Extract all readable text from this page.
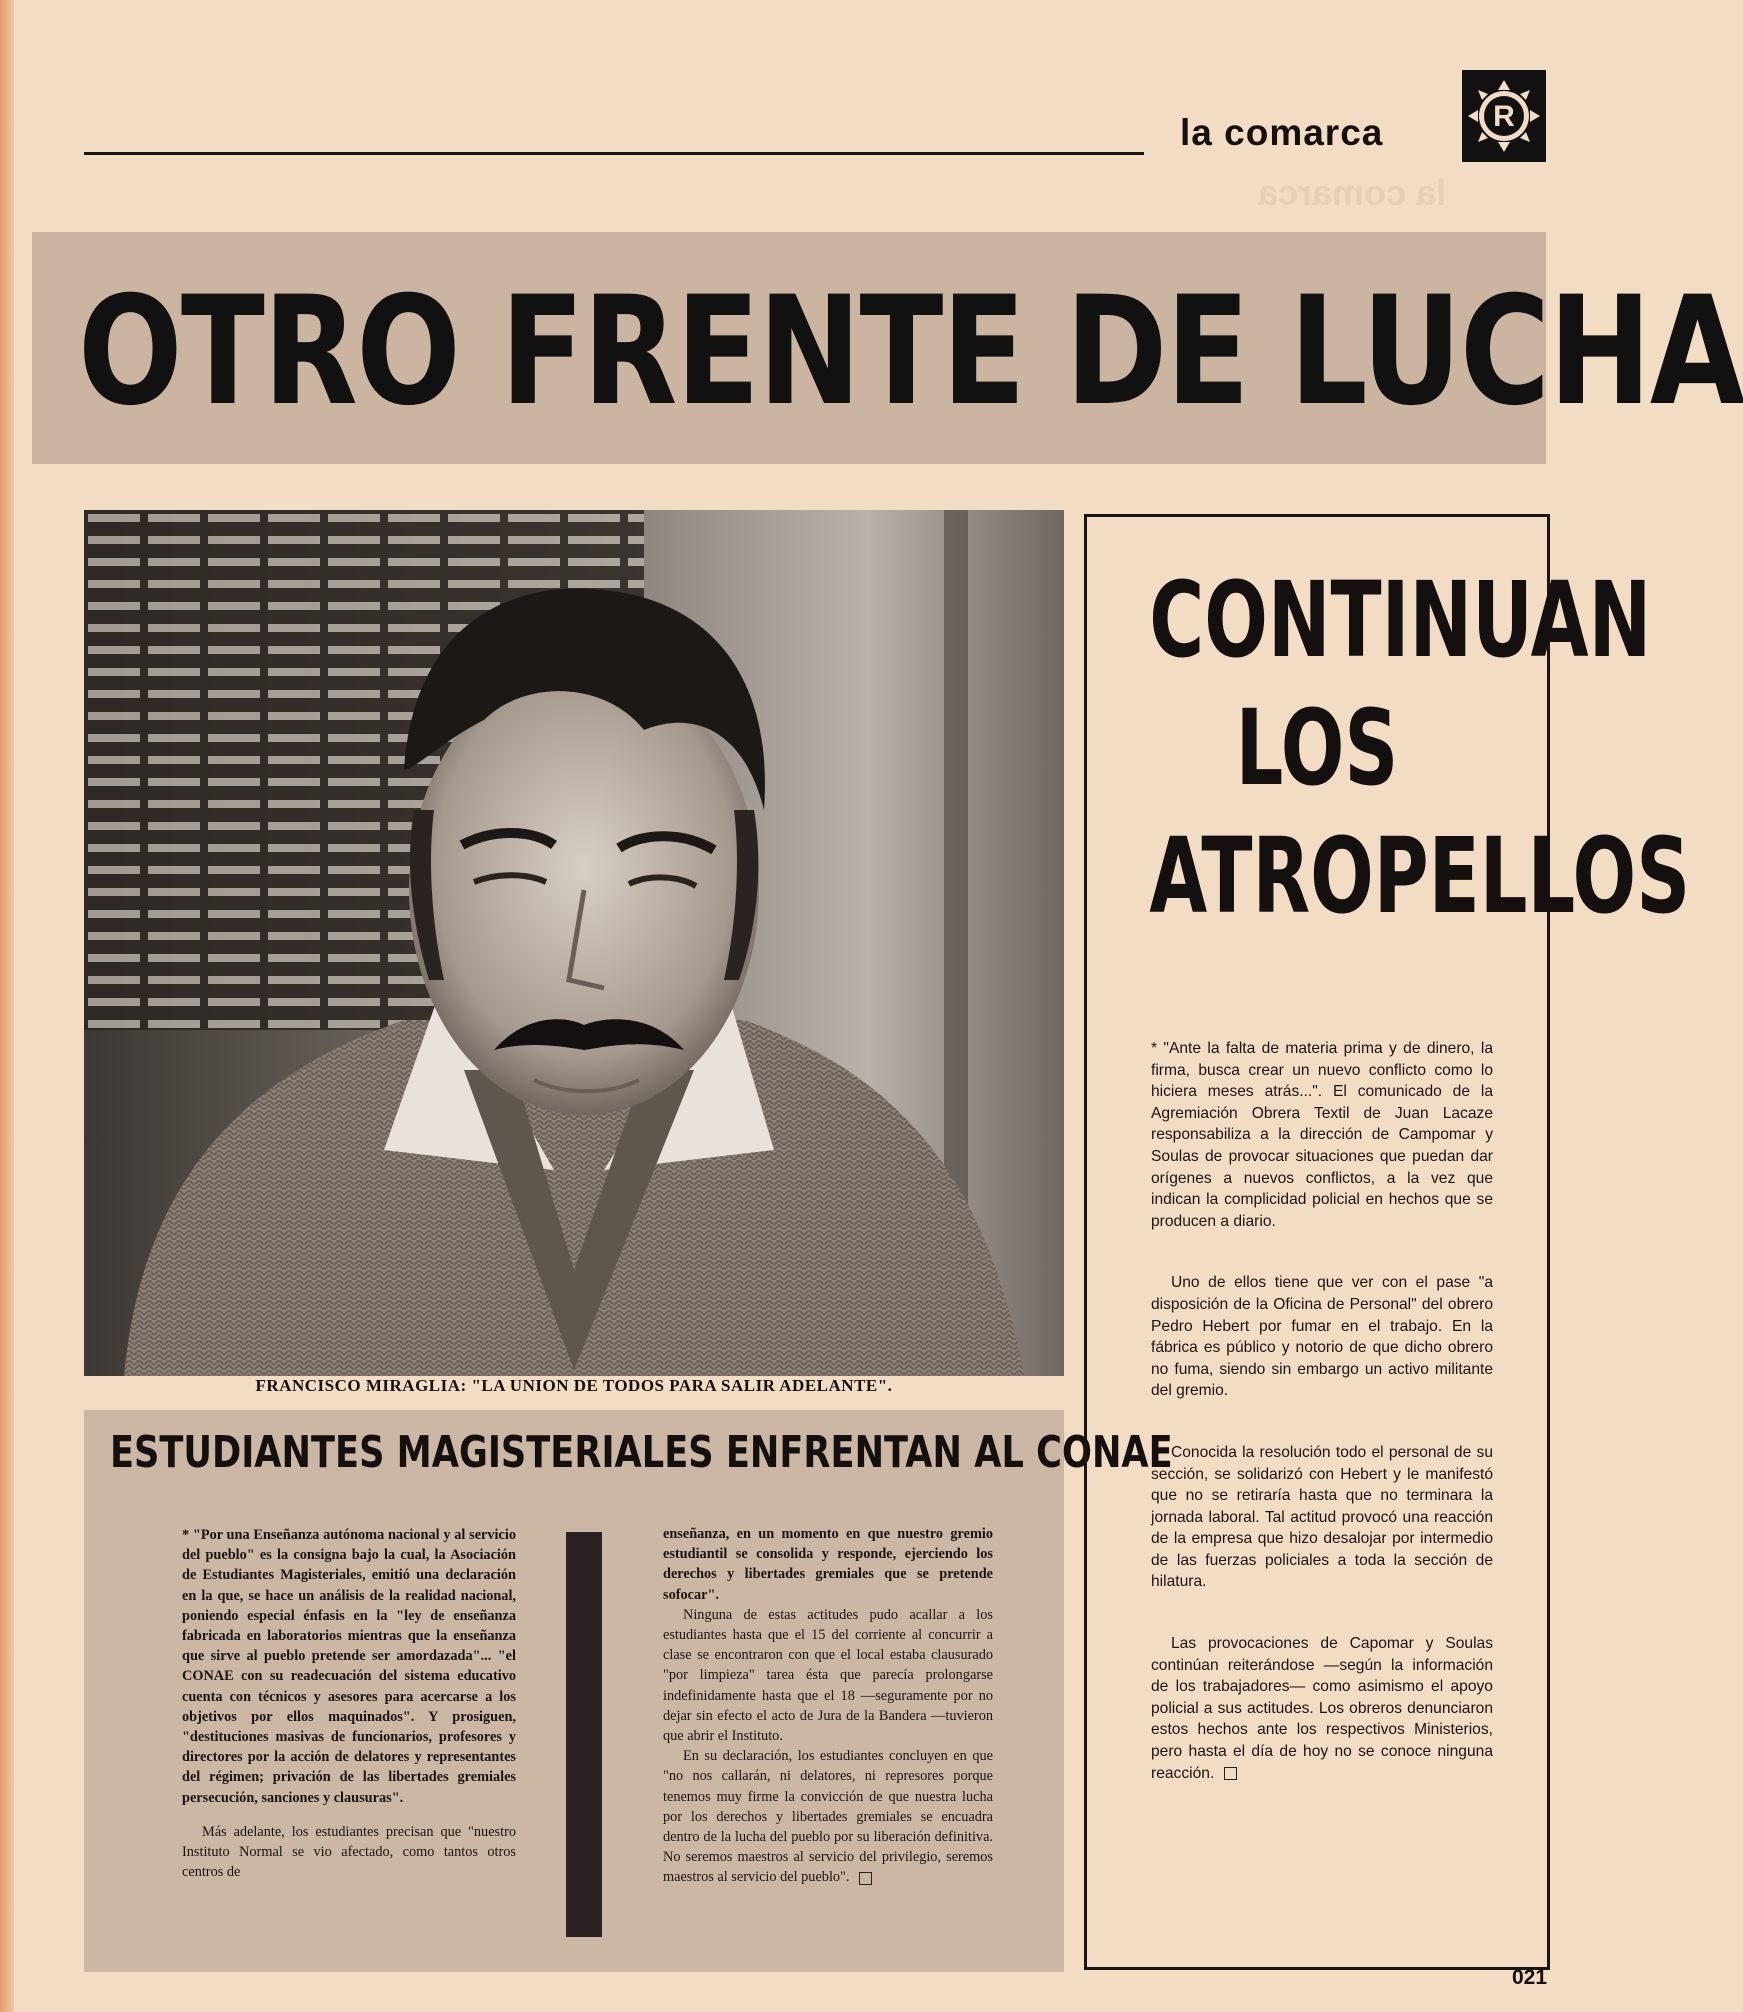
la comarca	R
la comarca
OTRO FRENTE DE LUCHA
FRANCISCO MIRAGLIA: "LA UNION DE TODOS PARA SALIR ADELANTE".
ESTUDIANTES MAGISTERIALES ENFRENTAN AL CONAE

* "Por una Enseñanza autónoma nacional y al servicio del pueblo" es la consigna bajo la cual, la Asociación de Estudiantes Magisteriales, emitió una declaración en la que, se hace un análisis de la realidad nacional, poniendo especial énfasis en la "ley de enseñanza fabricada en laboratorios mientras que la enseñanza que sirve al pueblo pretende ser amordazada"... "el CONAE con su readecuación del sistema educativo cuenta con técnicos y asesores para acercarse a los objetivos por ellos maquinados". Y prosiguen, "destituciones masivas de funcionarios, profesores y directores por la acción de delatores y representantes del régimen; privación de las libertades gremiales persecución, sanciones y clausuras".

Más adelante, los estudiantes precisan que "nuestro Instituto Normal se vio afectado, como tantos otros centros de

enseñanza, en un momento en que nuestro gremio estudiantil se consolida y responde, ejerciendo los derechos y libertades gremiales que se pretende sofocar".

Ninguna de estas actitudes pudo acallar a los estudiantes hasta que el 15 del corriente al concurrir a clase se encontraron con que el local estaba clausurado "por limpieza" tarea ésta que parecía prolongarse indefinidamente hasta que el 18 —seguramente por no dejar sin efecto el acto de Jura de la Bandera —tuvieron que abrir el Instituto.

En su declaración, los estudiantes concluyen en que "no nos callarán, ni delatores, ni represores porque tenemos muy firme la convicción de que nuestra lucha por los derechos y libertades gremiales se encuadra dentro de la lucha del pueblo por su liberación definitiva. No seremos maestros al servicio del privilegio, seremos maestros al servicio del pueblo".

CONTINUAN
LOS
ATROPELLOS

* "Ante la falta de materia prima y de dinero, la firma, busca crear un nuevo conflicto como lo hiciera meses atrás...". El comunicado de la Agremiación Obrera Textil de Juan Lacaze responsabiliza a la dirección de Campomar y Soulas de provocar situaciones que puedan dar orígenes a nuevos conflictos, a la vez que indican la complicidad policial en hechos que se producen a diario.

Uno de ellos tiene que ver con el pase "a disposición de la Oficina de Personal" del obrero Pedro Hebert por fumar en el trabajo. En la fábrica es público y notorio de que dicho obrero no fuma, siendo sin embargo un activo militante del gremio.

Conocida la resolución todo el personal de su sección, se solidarizó con Hebert y le manifestó que no se retiraría hasta que no terminara la jornada laboral. Tal actitud provocó una reacción de la empresa que hizo desalojar por intermedio de las fuerzas policiales a toda la sección de hilatura.

Las provocaciones de Capomar y Soulas continúan reiterándose —según la información de los trabajadores— como asimismo el apoyo policial a sus actitudes. Los obreros denunciaron estos hechos ante los respectivos Ministerios, pero hasta el día de hoy no se conoce ninguna reacción.

021
